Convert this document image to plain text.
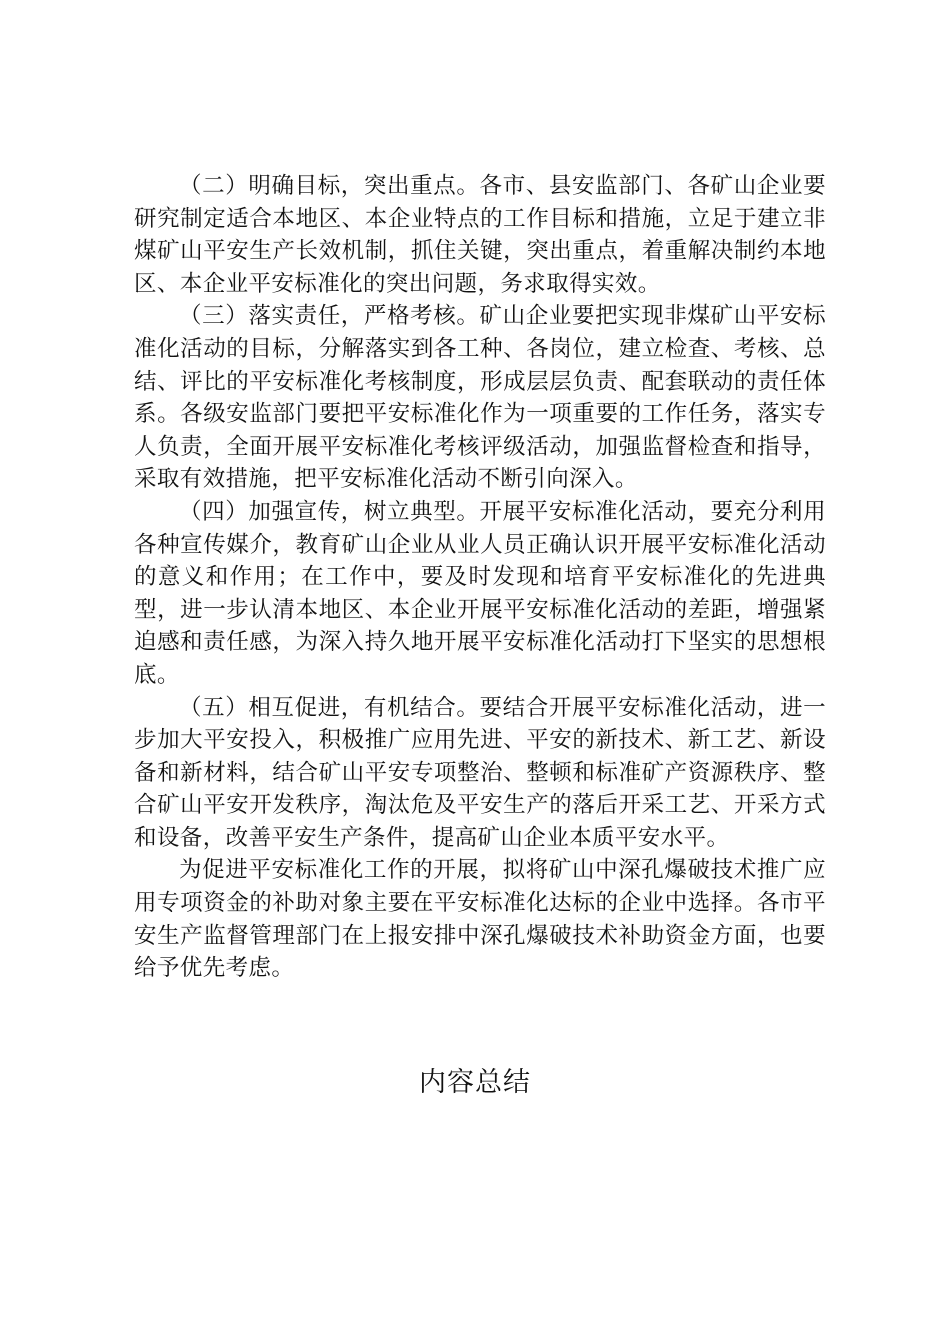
（二）明确目标，突出重点。各市、县安监部门、各矿山企业要研究制定适合本地区、本企业特点的工作目标和措施，立足于建立非煤矿山平安生产长效机制，抓住关键，突出重点，着重解决制约本地区、本企业平安标准化的突出问题，务求取得实效。

（三）落实责任，严格考核。矿山企业要把实现非煤矿山平安标准化活动的目标，分解落实到各工种、各岗位，建立检查、考核、总结、评比的平安标准化考核制度，形成层层负责、配套联动的责任体系。各级安监部门要把平安标准化作为一项重要的工作任务，落实专人负责，全面开展平安标准化考核评级活动，加强监督检查和指导，采取有效措施，把平安标准化活动不断引向深入。

（四）加强宣传，树立典型。开展平安标准化活动，要充分利用各种宣传媒介，教育矿山企业从业人员正确认识开展平安标准化活动的意义和作用；在工作中，要及时发现和培育平安标准化的先进典型，进一步认清本地区、本企业开展平安标准化活动的差距，增强紧迫感和责任感，为深入持久地开展平安标准化活动打下坚实的思想根底。

（五）相互促进，有机结合。要结合开展平安标准化活动，进一步加大平安投入，积极推广应用先进、平安的新技术、新工艺、新设备和新材料，结合矿山平安专项整治、整顿和标准矿产资源秩序、整合矿山平安开发秩序，淘汰危及平安生产的落后开采工艺、开采方式和设备，改善平安生产条件，提高矿山企业本质平安水平。

为促进平安标准化工作的开展，拟将矿山中深孔爆破技术推广应用专项资金的补助对象主要在平安标准化达标的企业中选择。各市平安生产监督管理部门在上报安排中深孔爆破技术补助资金方面，也要给予优先考虑。

内容总结
